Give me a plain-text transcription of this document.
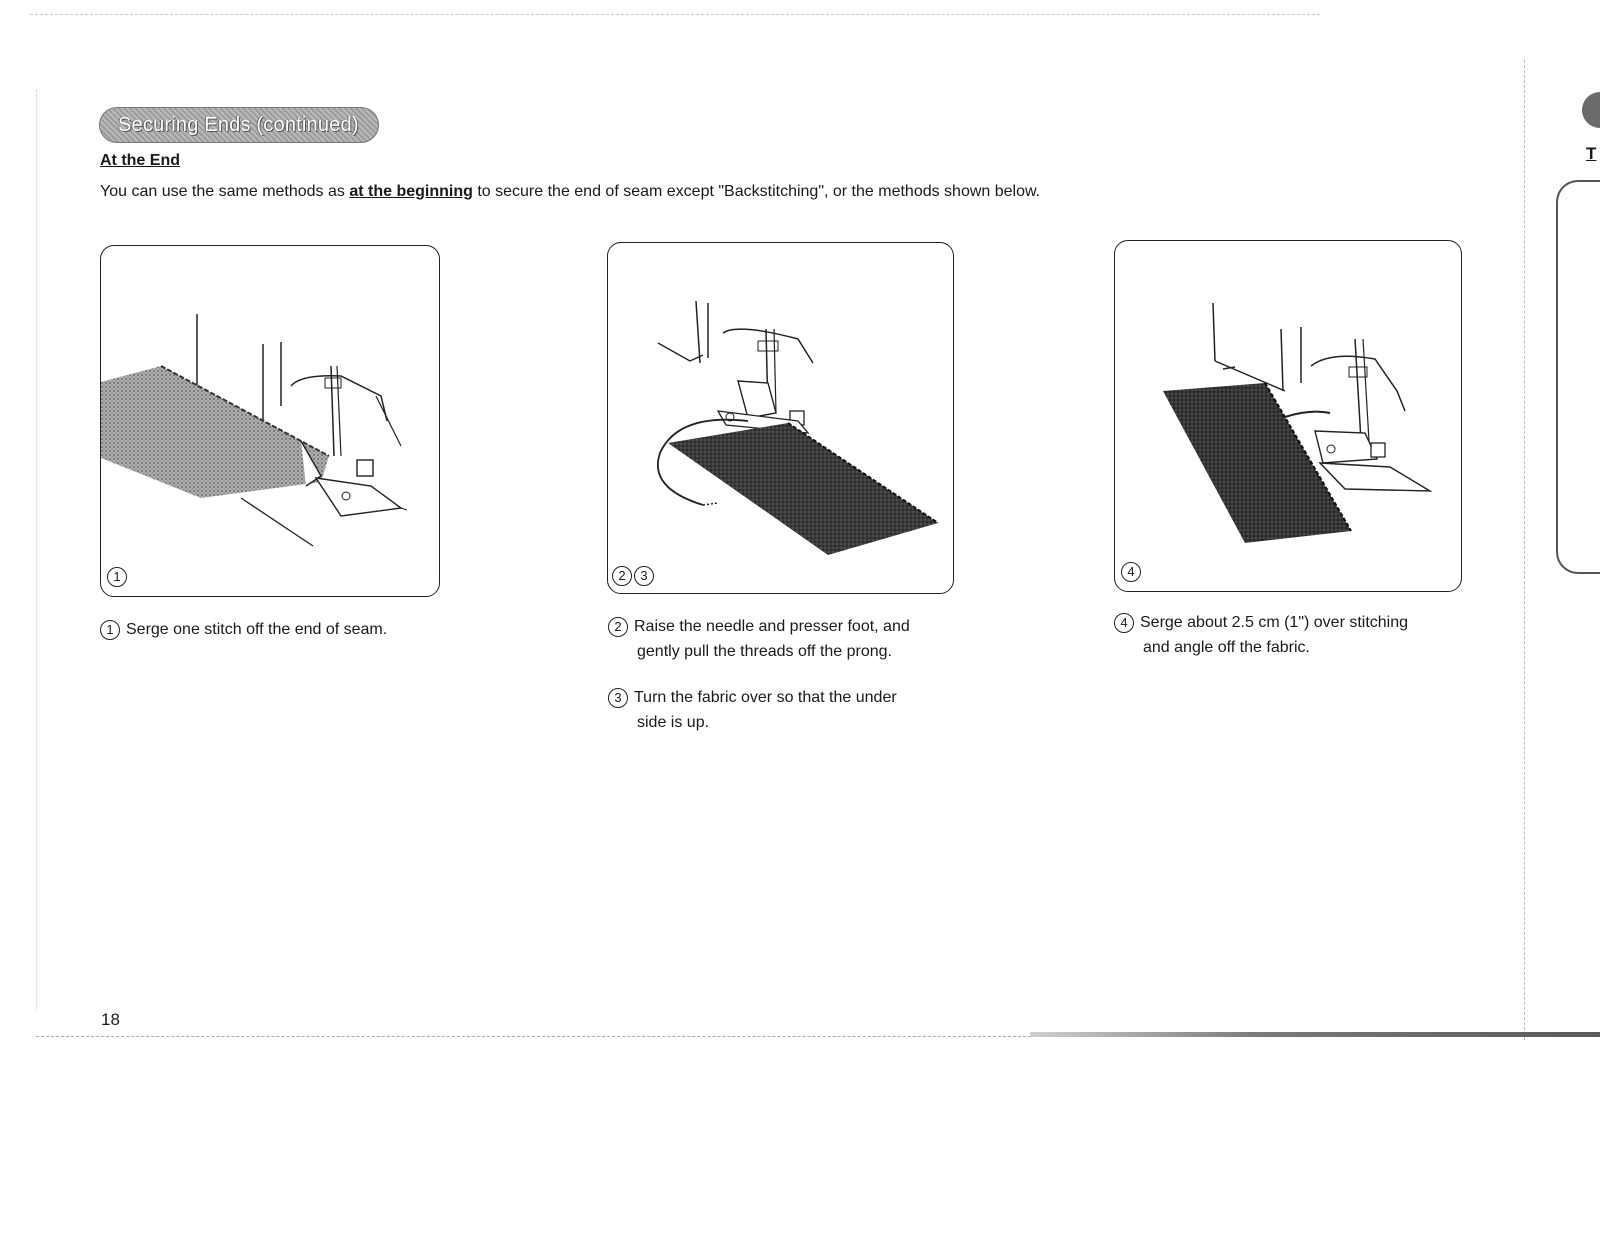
T
Securing Ends (continued)
At the End
You can use the same methods as at the beginning to secure the end of seam except "Backstitching", or the methods shown below.
1	2 3	4
1 Serge one stitch off the end of seam.	2 Raise the needle and presser foot, and
gently pull the threads off the prong.
3 Turn the fabric over so that the under
side is up.
4 Serge about 2.5 cm (1") over stitching
and angle off the fabric.
18
